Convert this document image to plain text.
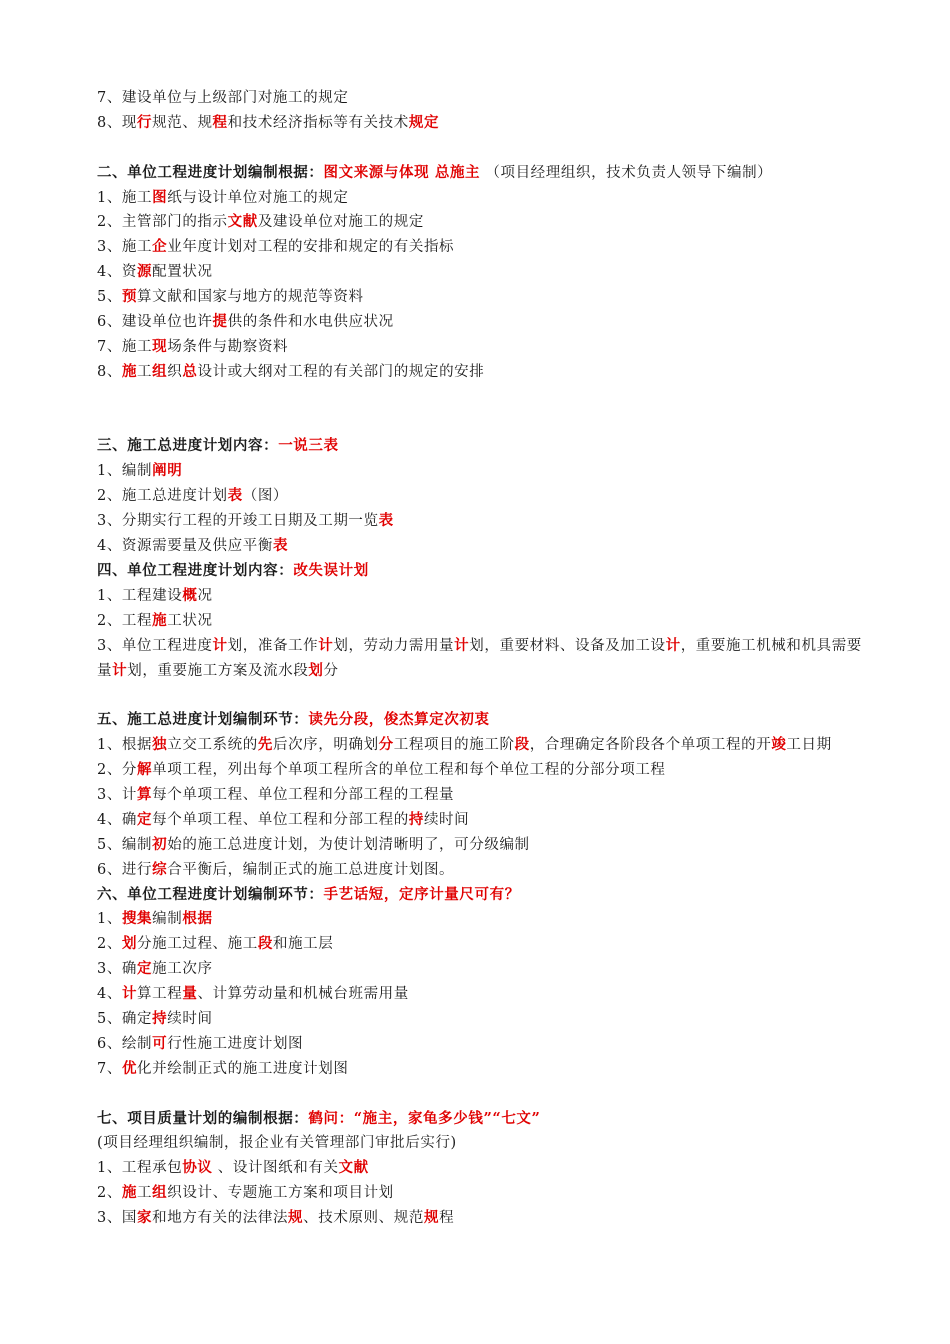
7、建设单位与上级部门对施工的规定
8、现行规范、规程和技术经济指标等有关技术规定
二、单位工程进度计划编制根据：图文来源与体现 总施主 （项目经理组织，技术负责人领导下编制）
1、施工图纸与设计单位对施工的规定
2、主管部门的指示文献及建设单位对施工的规定
3、施工企业年度计划对工程的安排和规定的有关指标
4、资源配置状况
5、预算文献和国家与地方的规范等资料
6、建设单位也许提供的条件和水电供应状况
7、施工现场条件与勘察资料
8、施工组织总设计或大纲对工程的有关部门的规定的安排
三、施工总进度计划内容：一说三表
1、编制阐明
2、施工总进度计划表（图）
3、分期实行工程的开竣工日期及工期一览表
4、资源需要量及供应平衡表
四、单位工程进度计划内容：改失误计划
1、工程建设概况
2、工程施工状况
3、单位工程进度计划，准备工作计划，劳动力需用量计划，重要材料、设备及加工设计，重要施工机械和机具需要量计划，重要施工方案及流水段划分
五、施工总进度计划编制环节：读先分段，俊杰算定次初衷
1、根据独立交工系统的先后次序，明确划分工程项目的施工阶段，合理确定各阶段各个单项工程的开竣工日期
2、分解单项工程，列出每个单项工程所含的单位工程和每个单位工程的分部分项工程
3、计算每个单项工程、单位工程和分部工程的工程量
4、确定每个单项工程、单位工程和分部工程的持续时间
5、编制初始的施工总进度计划，为使计划清晰明了，可分级编制
6、进行综合平衡后，编制正式的施工总进度计划图。
六、单位工程进度计划编制环节：手艺话短，定序计量尺可有？
1、搜集编制根据
2、划分施工过程、施工段和施工层
3、确定施工次序
4、计算工程量、计算劳动量和机械台班需用量
5、确定持续时间
6、绘制可行性施工进度计划图
7、优化并绘制正式的施工进度计划图
七、项目质量计划的编制根据：鹤问：“施主，家龟多少钱”“七文”
(项目经理组织编制，报企业有关管理部门审批后实行)
1、工程承包协议 、设计图纸和有关文献
2、施工组织设计、专题施工方案和项目计划
3、国家和地方有关的法律法规、技术原则、规范规程
